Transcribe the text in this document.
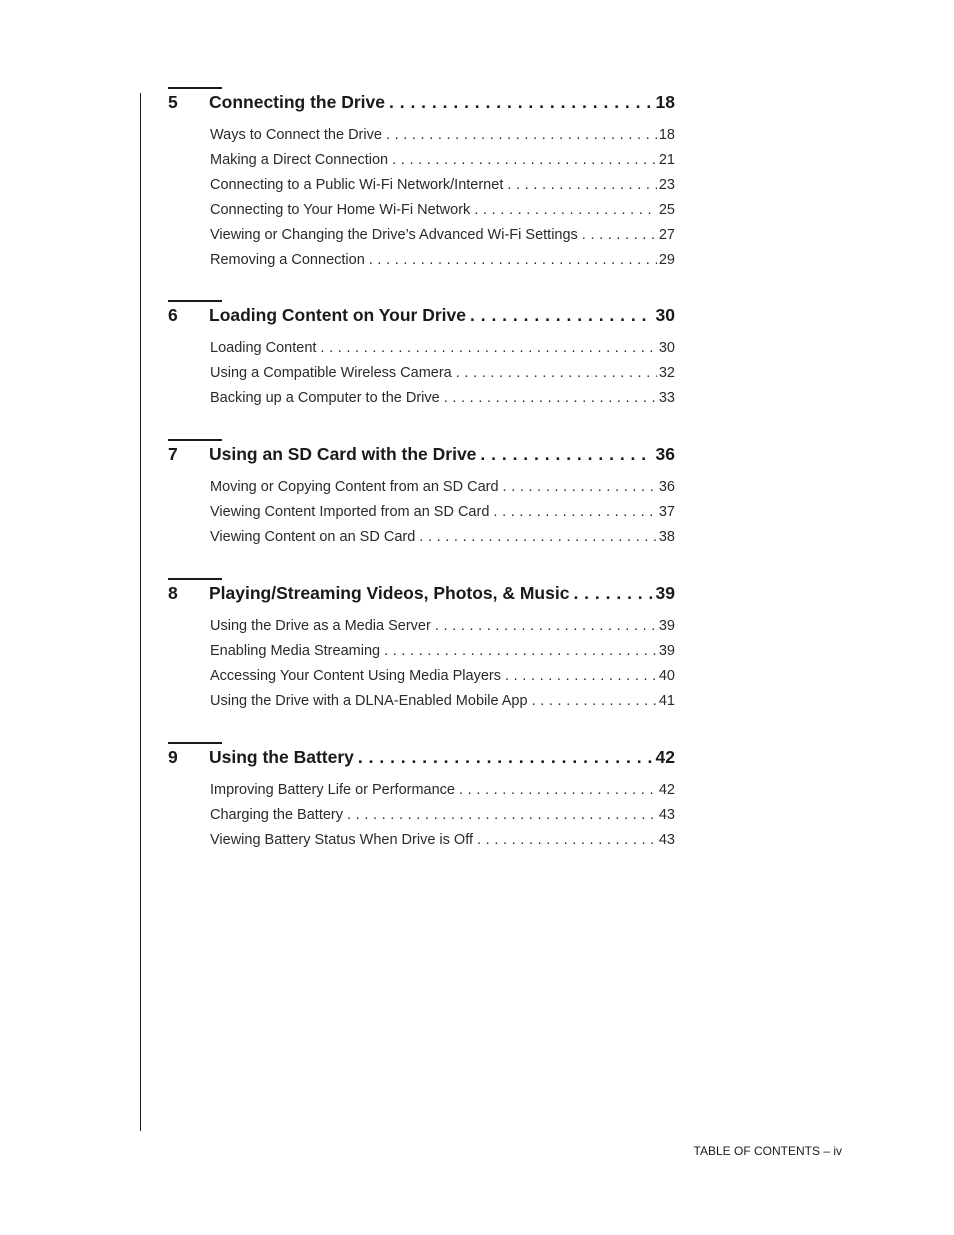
5	Connecting the Drive . . .	18
Ways to Connect the Drive . . .	18
Making a Direct Connection . . .	21
Connecting to a Public Wi-Fi Network/Internet . . .	23
Connecting to Your Home Wi-Fi Network . . .	25
Viewing or Changing the Drive’s Advanced Wi-Fi Settings . . .	27
Removing a Connection . . .	29
6	Loading Content on Your Drive . . .	30
Loading Content . . .	30
Using a Compatible Wireless Camera . . .	32
Backing up a Computer to the Drive . . .	33
7	Using an SD Card with the Drive . . .	36
Moving or Copying Content from an SD Card . . .	36
Viewing Content Imported from an SD Card . . .	37
Viewing Content on an SD Card . . .	38
8	Playing/Streaming Videos, Photos, & Music . . .	39
Using the Drive as a Media Server . . .	39
Enabling Media Streaming . . .	39
Accessing Your Content Using Media Players . . .	40
Using the Drive with a DLNA-Enabled Mobile App . . .	41
9	Using the Battery . . .	42
Improving Battery Life or Performance . . .	42
Charging the Battery . . .	43
Viewing Battery Status When Drive is Off . . .	43
TABLE OF CONTENTS – iv
